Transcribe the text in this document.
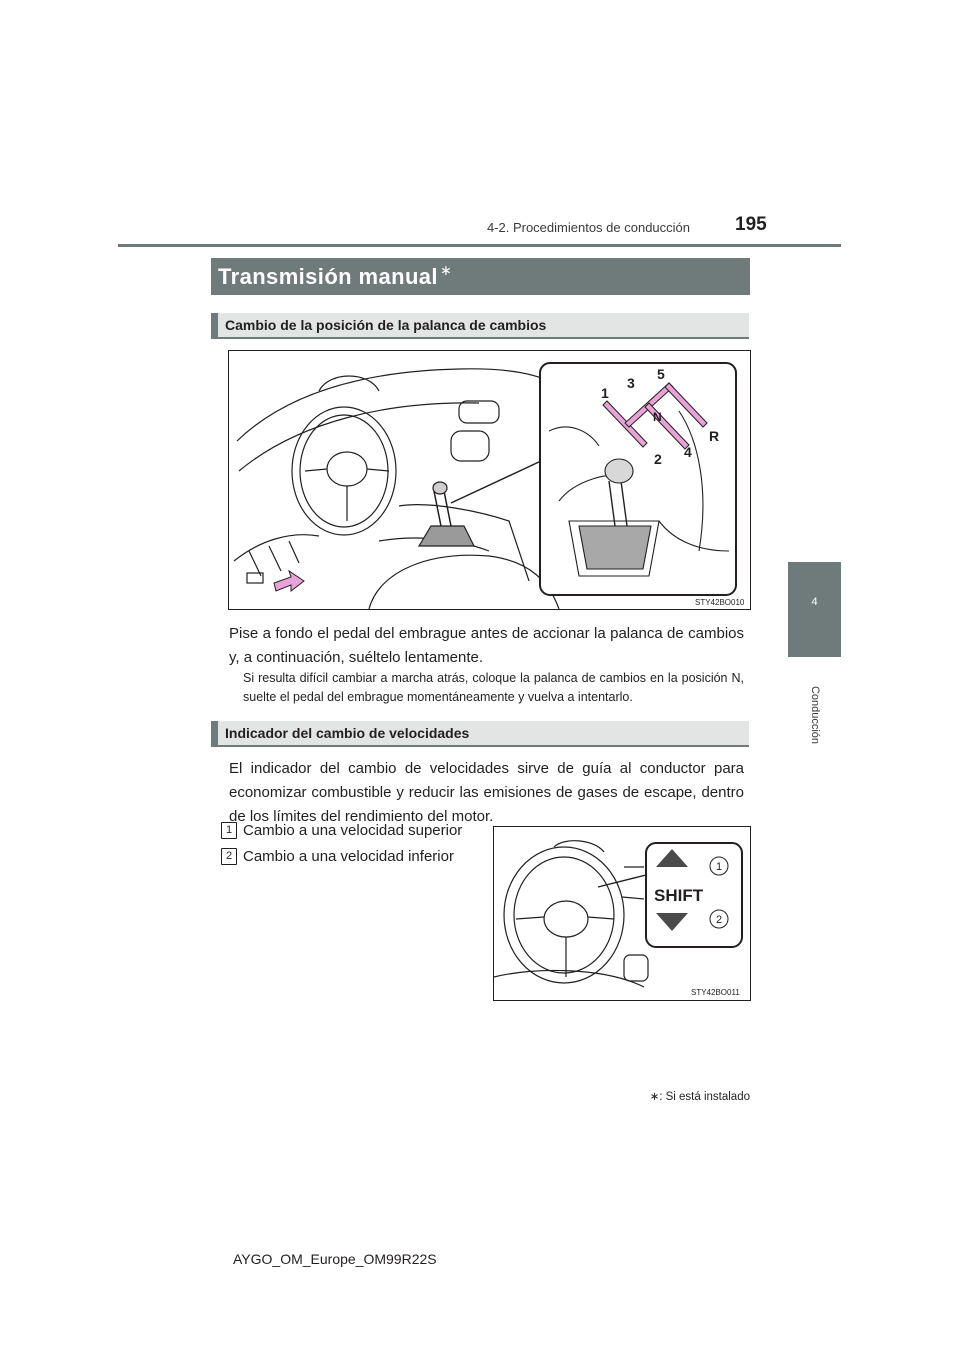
4-2. Procedimientos de conducción 195
4
Conducción
Transmisión manual ∗
Cambio de la posición de la palanca de cambios
1
2
3
4
5
R
N
STY42BO010
Pise a fondo el pedal del embrague antes de accionar la palanca de cambios y, a continuación, suéltelo lentamente.
Si resulta difícil cambiar a marcha atrás, coloque la palanca de cambios en la posición N, suelte el pedal del embrague momentáneamente y vuelva a intentarlo.
Indicador del cambio de velocidades
El indicador del cambio de velocidades sirve de guía al conductor para economizar combustible y reducir las emisiones de gases de escape, dentro de los límites del rendimiento del motor.
1 Cambio a una velocidad superior
2 Cambio a una velocidad inferior
SHIFT
1
2
STY42BO011
∗: Si está instalado
AYGO_OM_Europe_OM99R22S
